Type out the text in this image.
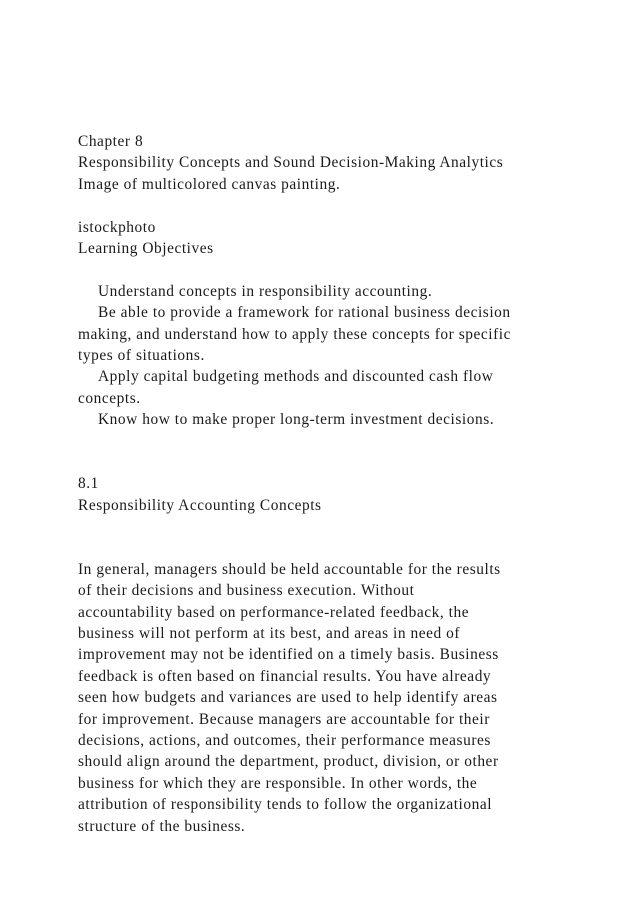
Chapter 8
Responsibility Concepts and Sound Decision-Making Analytics
Image of multicolored canvas painting.
istockphoto
Learning Objectives
Understand concepts in responsibility accounting.
Be able to provide a framework for rational business decision
making, and understand how to apply these concepts for specific
types of situations.
Apply capital budgeting methods and discounted cash flow
concepts.
Know how to make proper long-term investment decisions.
8.1
Responsibility Accounting Concepts
In general, managers should be held accountable for the results
of their decisions and business execution. Without
accountability based on performance-related feedback, the
business will not perform at its best, and areas in need of
improvement may not be identified on a timely basis. Business
feedback is often based on financial results. You have already
seen how budgets and variances are used to help identify areas
for improvement. Because managers are accountable for their
decisions, actions, and outcomes, their performance measures
should align around the department, product, division, or other
business for which they are responsible. In other words, the
attribution of responsibility tends to follow the organizational
structure of the business.
